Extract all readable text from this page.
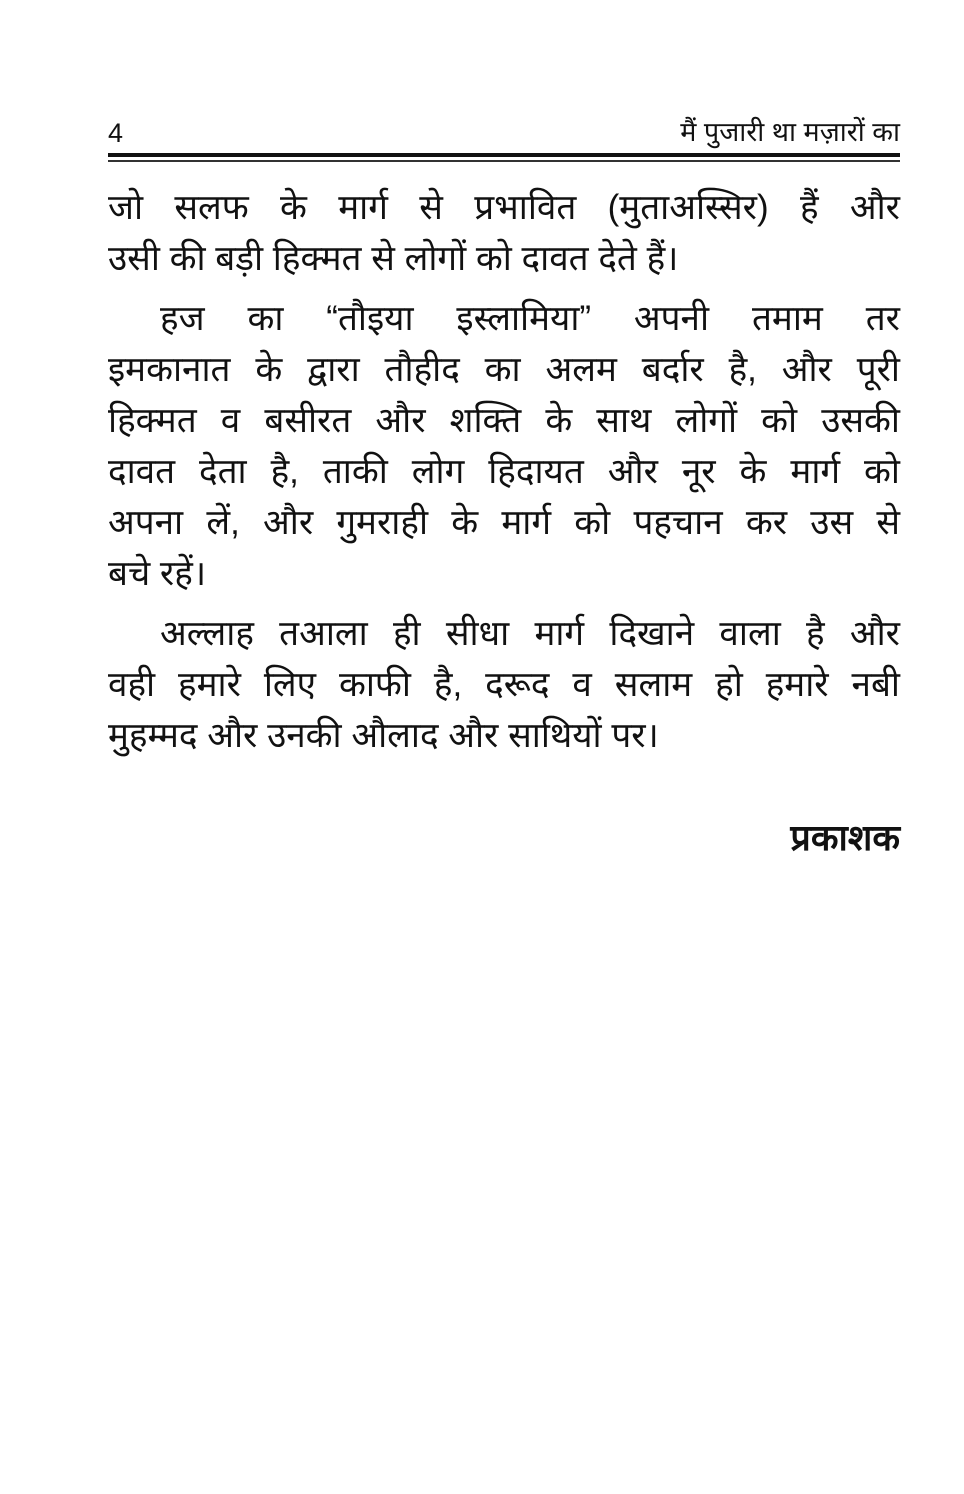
4	मैं पुजारी था मज़ारों का
जो सलफ के मार्ग से प्रभावित (मुताअस्सिर) हैं और
उसी की बड़ी हिक्मत से लोगों को दावत देते हैं।
हज का “तौइया इस्लामिया” अपनी तमाम तर
इमकानात के द्वारा तौहीद का अलम बर्दार है, और पूरी
हिक्मत व बसीरत और शक्ति के साथ लोगों को उसकी
दावत देता है, ताकी लोग हिदायत और नूर के मार्ग को
अपना लें, और गुमराही के मार्ग को पहचान कर उस से
बचे रहें।
अल्लाह तआला ही सीधा मार्ग दिखाने वाला है और
वही हमारे लिए काफी है, दरूद व सलाम हो हमारे नबी
मुहम्मद और उनकी औलाद और साथियों पर।
प्रकाशक
